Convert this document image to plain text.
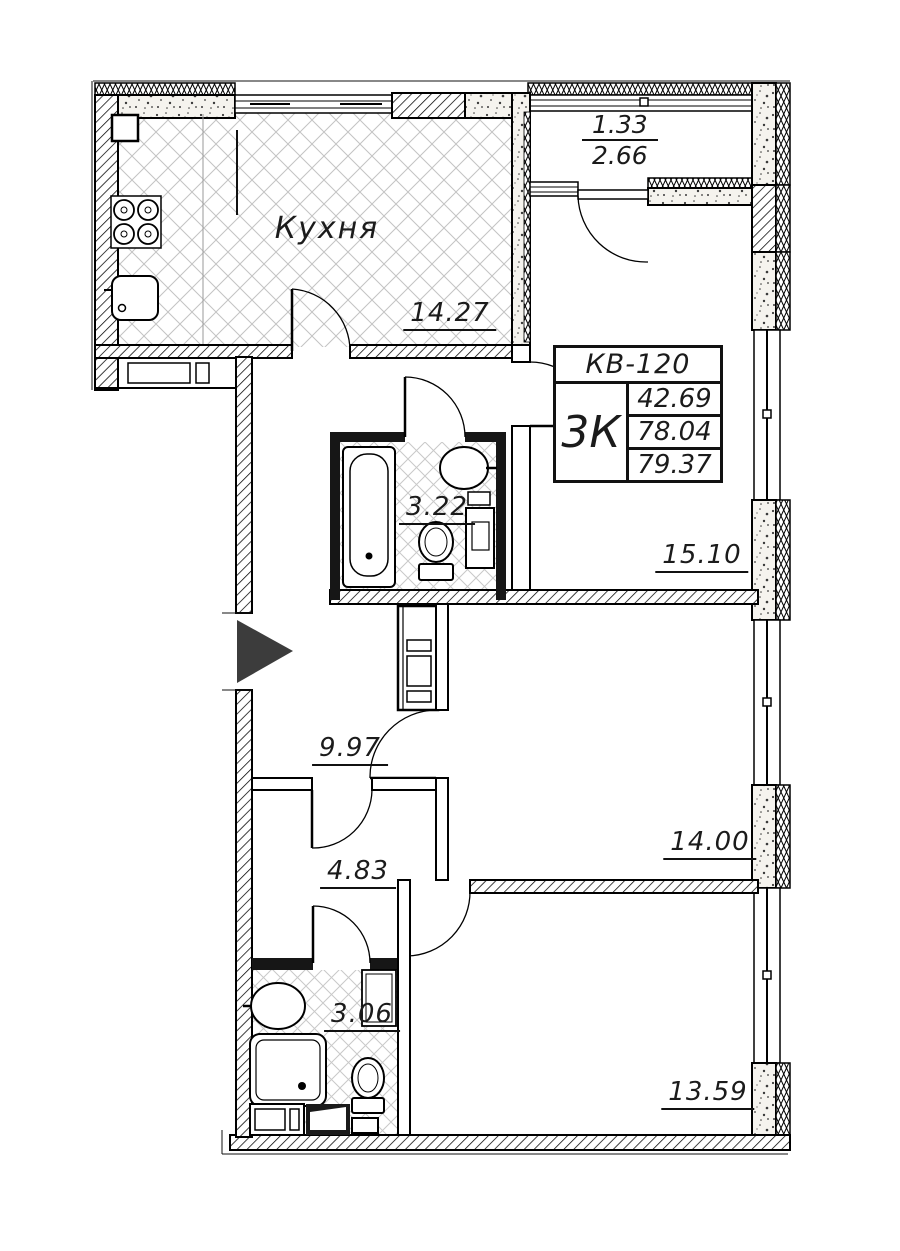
Кухня
14.27
$\frac{1.33}{2.66}$
15.10
3.22
9.97
14.00
4.83
3.06
13.59
КВ-120
3К
42.69
78.04
79.37
